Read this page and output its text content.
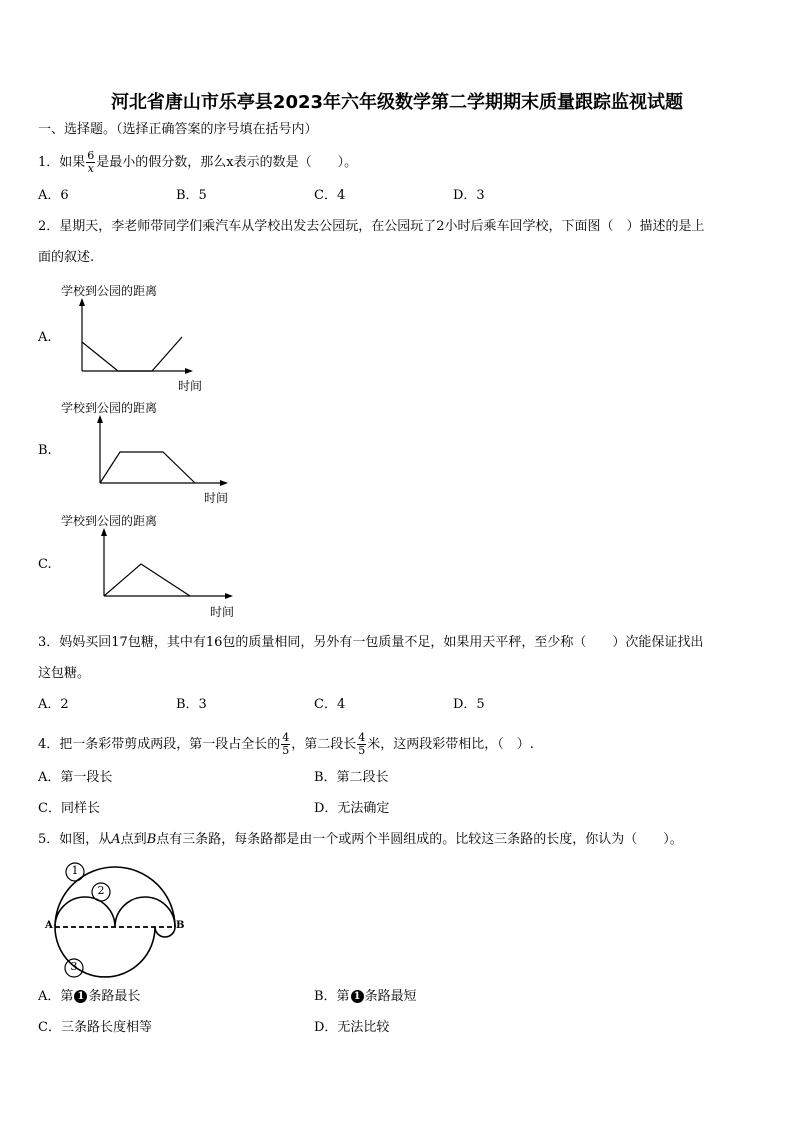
河北省唐山市乐亭县2023年六年级数学第二学期期末质量跟踪监视试题
一、选择题。（选择正确答案的序号填在括号内）
1．如果 $\frac{6}{x}$ 是最小的假分数，那么x表示的数是（　　）。
A．6	B．5	C．4	D．3
2．星期天，李老师带同学们乘汽车从学校出发去公园玩，在公园玩了2小时后乘车回学校，下面图（　）描述的是上
面的叙述.
学校到公园的距离
A.
时间
学校到公园的距离
B.
时间
学校到公园的距离
C.
时间
3．妈妈买回17包糖，其中有16包的质量相同，另外有一包质量不足，如果用天平秤，至少称（　　）次能保证找出
这包糖。
A．2	B．3	C．4	D．5
4．把一条彩带剪成两段，第一段占全长的 $\frac{4}{5}$ ，第二段长 $\frac{4}{5}$ 米，这两段彩带相比，（　）.
A．第一段长	B．第二段长
C．同样长	D．无法确定
5．如图，从A点到B点有三条路，每条路都是由一个或两个半圆组成的。比较这三条路的长度，你认为（　　）。
1
2
3
A	B
A．第 1 条路最长	B．第 1 条路最短
C．三条路长度相等	D．无法比较
